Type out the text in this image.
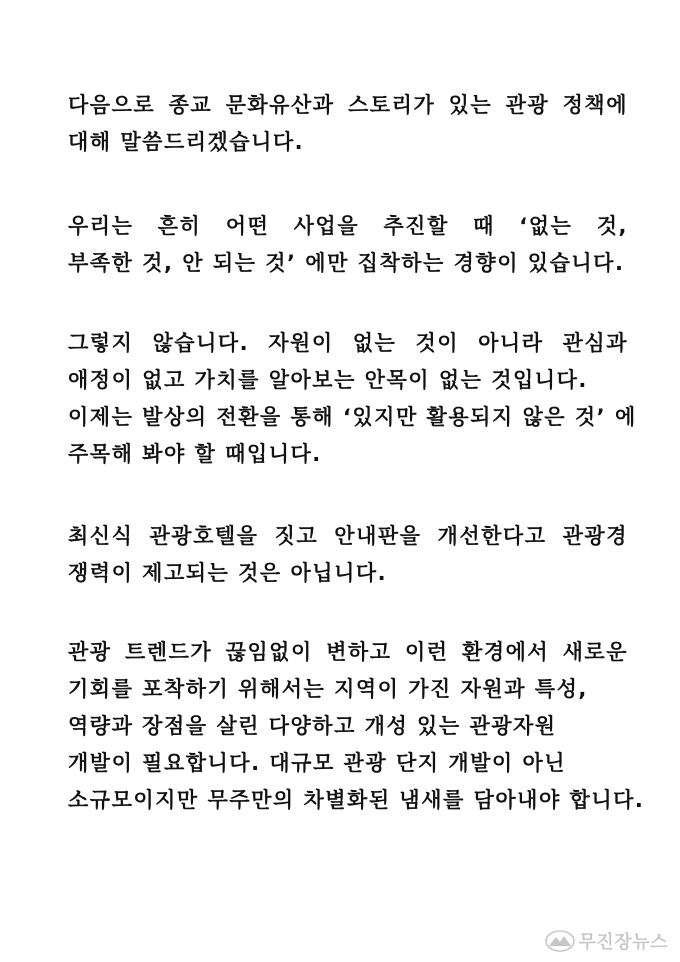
다음으로 종교 문화유산과 스토리가 있는 관광 정책에
대해 말씀드리겠습니다.
우리는 흔히 어떤 사업을 추진할 때 ‘없는 것,
부족한 것, 안 되는 것’ 에만 집착하는 경향이 있습니다.
그렇지 않습니다. 자원이 없는 것이 아니라 관심과
애정이 없고 가치를 알아보는 안목이 없는 것입니다.
이제는 발상의 전환을 통해 ‘있지만 활용되지 않은 것’ 에
주목해 봐야 할 때입니다.
최신식 관광호텔을 짓고 안내판을 개선한다고 관광경
쟁력이 제고되는 것은 아닙니다.
관광 트렌드가 끊임없이 변하고 이런 환경에서 새로운
기회를 포착하기 위해서는 지역이 가진 자원과 특성,
역량과 장점을 살린 다양하고 개성 있는 관광자원
개발이 필요합니다. 대규모 관광 단지 개발이 아닌
소규모이지만 무주만의 차별화된 냄새를 담아내야 합니다.
무진장뉴스
